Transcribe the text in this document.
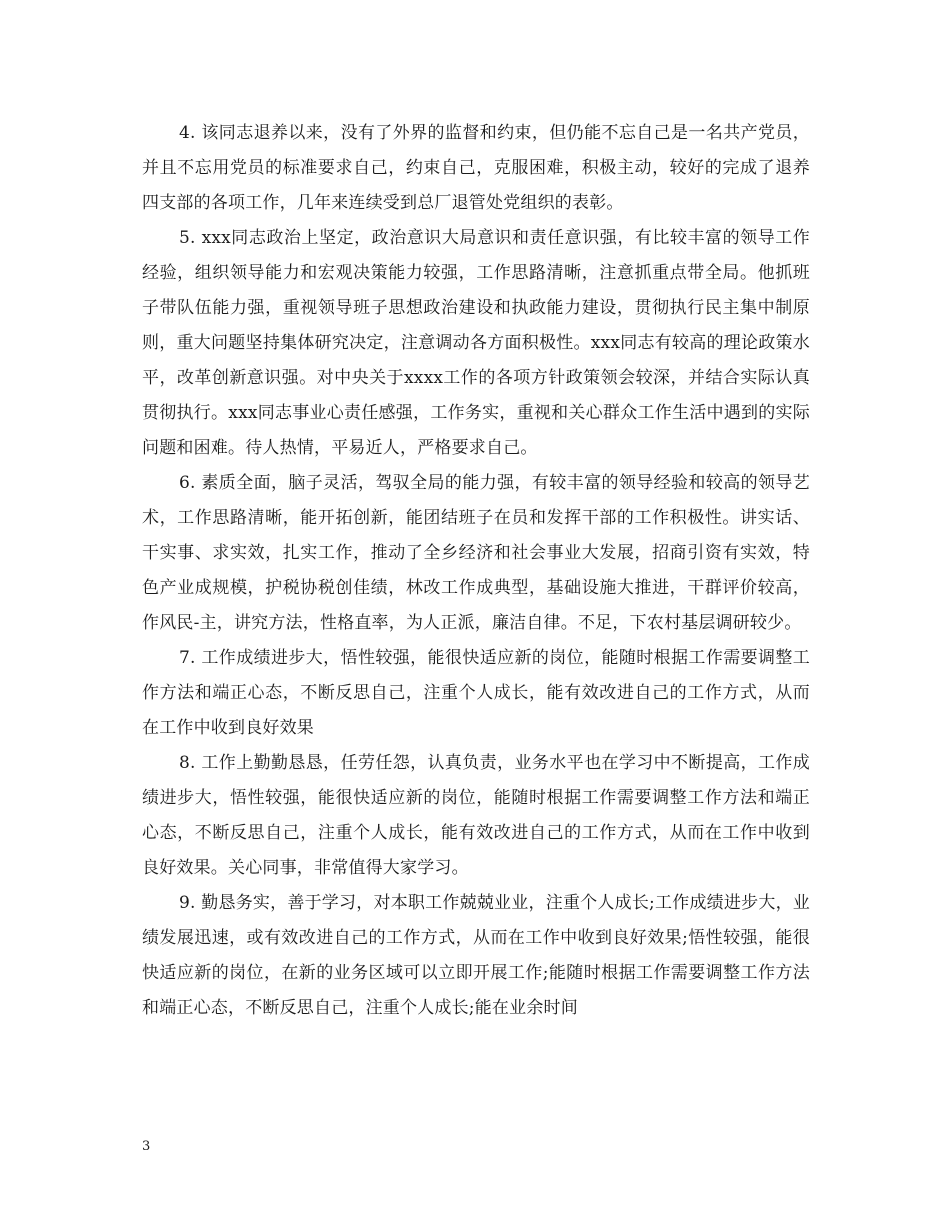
4. 该同志退养以来，没有了外界的监督和约束，但仍能不忘自己是一名共产党员，并且不忘用党员的标准要求自己，约束自己，克服困难，积极主动，较好的完成了退养四支部的各项工作，几年来连续受到总厂退管处党组织的表彰。

5. xxx同志政治上坚定，政治意识大局意识和责任意识强，有比较丰富的领导工作经验，组织领导能力和宏观决策能力较强，工作思路清晰，注意抓重点带全局。他抓班子带队伍能力强，重视领导班子思想政治建设和执政能力建设，贯彻执行民主集中制原则，重大问题坚持集体研究决定，注意调动各方面积极性。xxx同志有较高的理论政策水平，改革创新意识强。对中央关于xxxx工作的各项方针政策领会较深，并结合实际认真贯彻执行。xxx同志事业心责任感强，工作务实，重视和关心群众工作生活中遇到的实际问题和困难。待人热情，平易近人，严格要求自己。

6. 素质全面，脑子灵活，驾驭全局的能力强，有较丰富的领导经验和较高的领导艺术，工作思路清晰，能开拓创新，能团结班子在员和发挥干部的工作积极性。讲实话、干实事、求实效，扎实工作，推动了全乡经济和社会事业大发展，招商引资有实效，特色产业成规模，护税协税创佳绩，林改工作成典型，基础设施大推进，干群评价较高，作风民-主，讲究方法，性格直率，为人正派，廉洁自律。不足，下农村基层调研较少。

7. 工作成绩进步大，悟性较强，能很快适应新的岗位，能随时根据工作需要调整工作方法和端正心态，不断反思自己，注重个人成长，能有效改进自己的工作方式，从而在工作中收到良好效果

8. 工作上勤勤恳恳，任劳任怨，认真负责，业务水平也在学习中不断提高，工作成绩进步大，悟性较强，能很快适应新的岗位，能随时根据工作需要调整工作方法和端正心态，不断反思自己，注重个人成长，能有效改进自己的工作方式，从而在工作中收到良好效果。关心同事，非常值得大家学习。

9. 勤恳务实，善于学习，对本职工作兢兢业业，注重个人成长;工作成绩进步大，业绩发展迅速，或有效改进自己的工作方式，从而在工作中收到良好效果;悟性较强，能很快适应新的岗位，在新的业务区域可以立即开展工作;能随时根据工作需要调整工作方法和端正心态，不断反思自己，注重个人成长;能在业余时间

3
